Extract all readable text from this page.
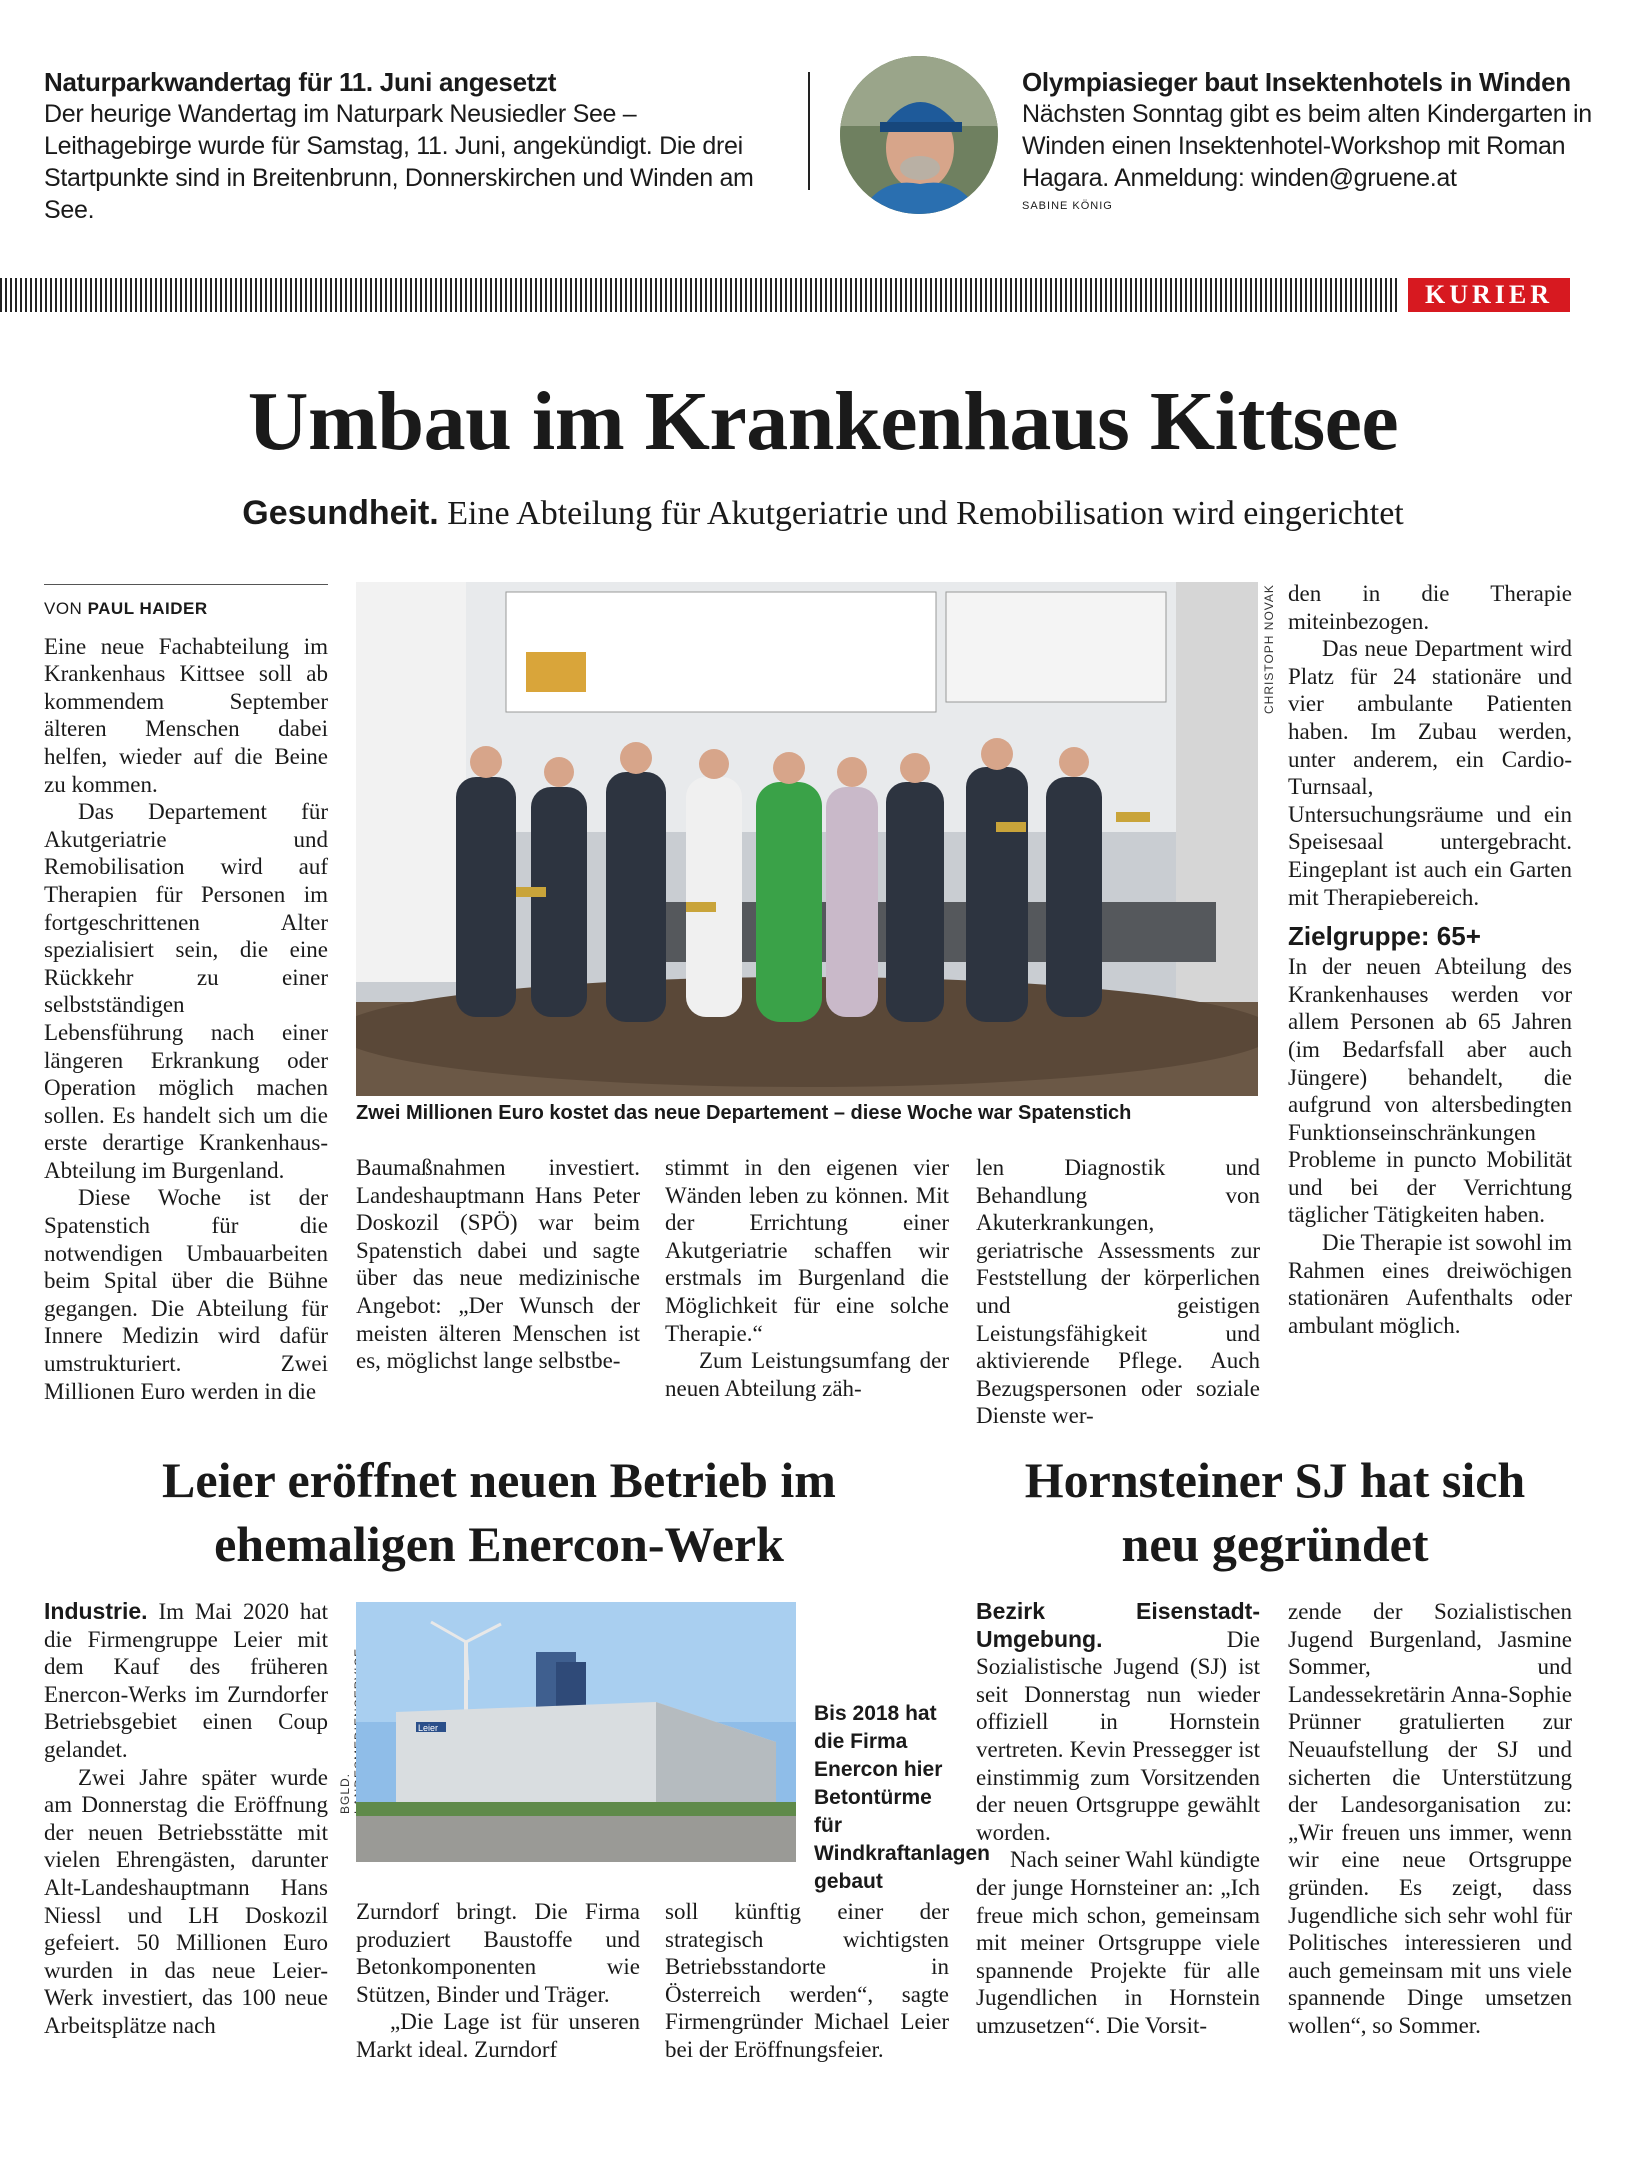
Naturparkwandertag für 11. Juni angesetzt
Der heurige Wandertag im Naturpark Neusiedler See – Leithagebirge wurde für Samstag, 11. Juni, angekündigt. Die drei Startpunkte sind in Breitenbrunn, Donnerskirchen und Winden am See.
Olympiasieger baut Insektenhotels in Winden
Nächsten Sonntag gibt es beim alten Kindergarten in Winden einen Insektenhotel-Workshop mit Roman Hagara. Anmeldung: winden@gruene.at
SABINE KÖNIG
KURIER
Umbau im Krankenhaus Kittsee
Gesundheit. Eine Abteilung für Akutgeriatrie und Remobilisation wird eingerichtet
VON PAUL HAIDER

Eine neue Fachabteilung im Krankenhaus Kittsee soll ab kommendem September älteren Menschen dabei helfen, wieder auf die Beine zu kommen.

Das Departement für Akutgeriatrie und Remobilisation wird auf Therapien für Personen im fortgeschrittenen Alter spezialisiert sein, die eine Rückkehr zu einer selbstständigen Lebensführung nach einer längeren Erkrankung oder Operation möglich machen sollen. Es handelt sich um die erste derartige Krankenhaus-Abteilung im Burgenland.

Diese Woche ist der Spatenstich für die notwendigen Umbauarbeiten beim Spital über die Bühne gegangen. Die Abteilung für Innere Medizin wird dafür umstrukturiert. Zwei Millionen Euro werden in die

CHRISTOPH NOVAK
Zwei Millionen Euro kostet das neue Departement – diese Woche war Spatenstich

Baumaßnahmen investiert. Landeshauptmann Hans Peter Doskozil (SPÖ) war beim Spatenstich dabei und sagte über das neue medizinische Angebot: „Der Wunsch der meisten älteren Menschen ist es, möglichst lange selbstbe-

stimmt in den eigenen vier Wänden leben zu können. Mit der Errichtung einer Akutgeriatrie schaffen wir erstmals im Burgenland die Möglichkeit für eine solche Therapie.“

Zum Leistungsumfang der neuen Abteilung zäh-

len Diagnostik und Behandlung von Akuterkrankungen, geriatrische Assessments zur Feststellung der körperlichen und geistigen Leistungsfähigkeit und aktivierende Pflege. Auch Bezugspersonen oder soziale Dienste wer-

den in die Therapie miteinbezogen.

Das neue Department wird Platz für 24 stationäre und vier ambulante Patienten haben. Im Zubau werden, unter anderem, ein Cardio-Turnsaal, Untersuchungsräume und ein Speisesaal untergebracht. Eingeplant ist auch ein Garten mit Therapiebereich.

Zielgruppe: 65+

In der neuen Abteilung des Krankenhauses werden vor allem Personen ab 65 Jahren (im Bedarfsfall aber auch Jüngere) behandelt, die aufgrund von altersbedingten Funktionseinschränkungen Probleme in puncto Mobilität und bei der Verrichtung täglicher Tätigkeiten haben.

Die Therapie ist sowohl im Rahmen eines dreiwöchigen stationären Aufenthalts oder ambulant möglich.

Leier eröffnet neuen Betrieb im
ehemaligen Enercon-Werk

Industrie. Im Mai 2020 hat die Firmengruppe Leier mit dem Kauf des früheren Enercon-Werks im Zurndorfer Betriebsgebiet einen Coup gelandet.

Zwei Jahre später wurde am Donnerstag die Eröffnung der neuen Betriebsstätte mit vielen Ehrengästen, darunter Alt-Landeshauptmann Hans Niessl und LH Doskozil gefeiert. 50 Millionen Euro wurden in das neue Leier-Werk investiert, das 100 neue Arbeitsplätze nach

BGLD.
Leier
Bis 2018 hat die Firma Enercon hier Betontürme für Windkraftanlagen gebaut

Zurndorf bringt. Die Firma produziert Baustoffe und Betonkomponenten wie Stützen, Binder und Träger.

„Die Lage ist für unseren Markt ideal. Zurndorf

soll künftig einer der strategisch wichtigsten Betriebsstandorte in Österreich werden“, sagte Firmengründer Michael Leier bei der Eröffnungsfeier.

Hornsteiner SJ hat sich
neu gegründet

Bezirk Eisenstadt-Umgebung. Die Sozialistische Jugend (SJ) ist seit Donnerstag nun wieder offiziell in Hornstein vertreten. Kevin Pressegger ist einstimmig zum Vorsitzenden der neuen Ortsgruppe gewählt worden.

Nach seiner Wahl kündigte der junge Hornsteiner an: „Ich freue mich schon, gemeinsam mit meiner Ortsgruppe viele spannende Projekte für alle Jugendlichen in Hornstein umzusetzen“. Die Vorsit-

zende der Sozialistischen Jugend Burgenland, Jasmine Sommer, und Landessekretärin Anna-Sophie Prünner gratulierten zur Neuaufstellung der SJ und sicherten die Unterstützung der Landesorganisation zu: „Wir freuen uns immer, wenn wir eine neue Ortsgruppe gründen. Es zeigt, dass Jugendliche sich sehr wohl für Politisches interessieren und auch gemeinsam mit uns viele spannende Dinge umsetzen wollen“, so Sommer.
